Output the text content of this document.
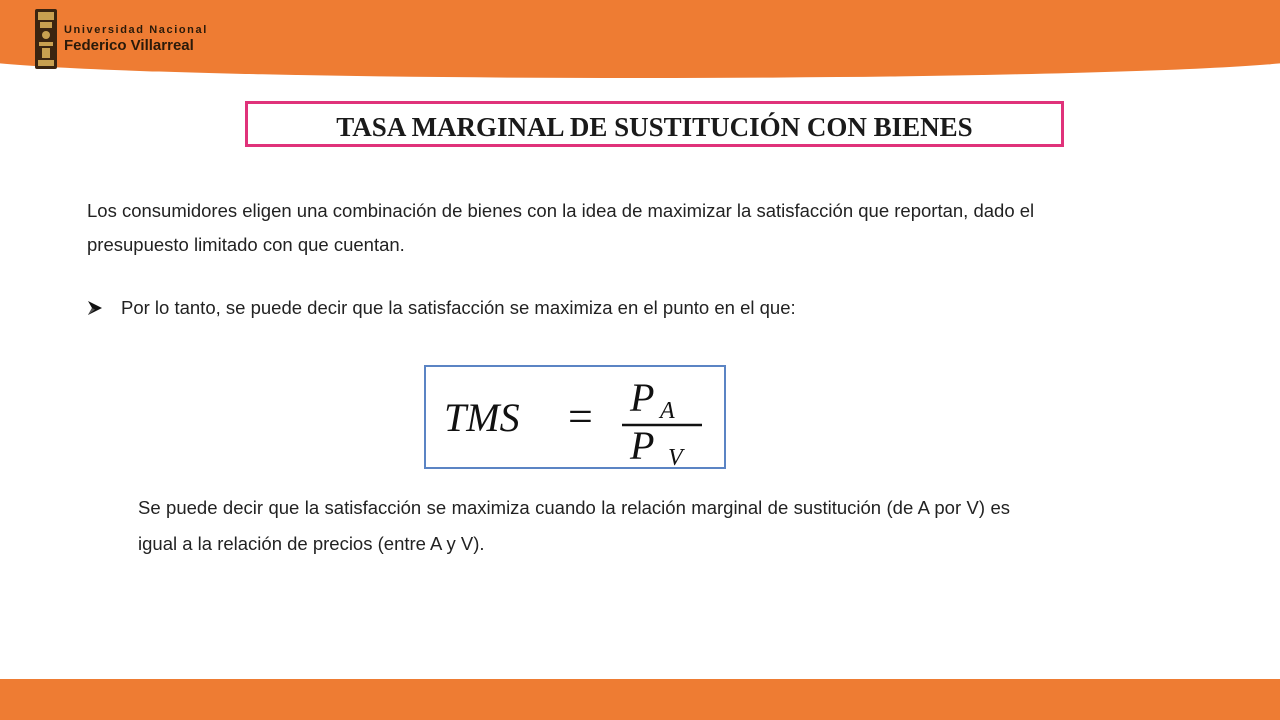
Universidad Nacional
Federico Villarreal
TASA MARGINAL DE SUSTITUCIÓN CON BIENES

Los consumidores eligen una combinación de bienes con la idea de maximizar la satisfacción que reportan, dado el presupuesto limitado con que cuentan.

Por lo tanto, se puede decir que la satisfacción se maximiza en el punto en el que:
TMS = P A
P V

Se puede decir que la satisfacción se maximiza cuando la relación marginal de sustitución (de A por V) es igual a la relación de precios (entre A y V).
